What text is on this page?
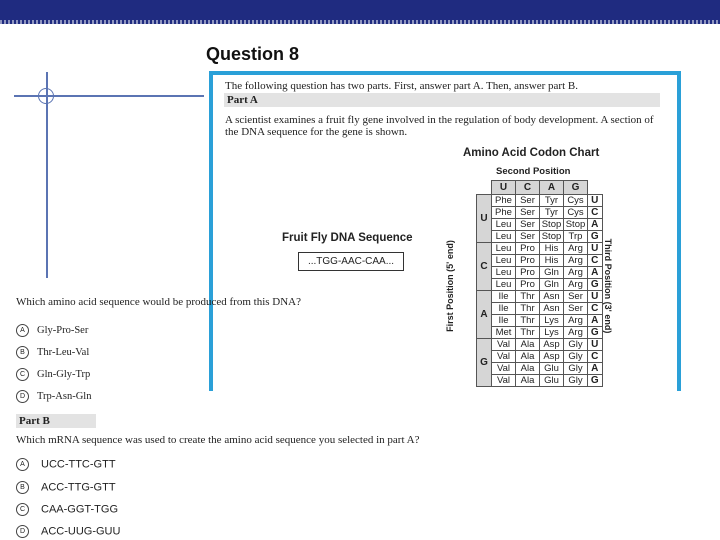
Question 8
The following question has two parts. First, answer part A. Then, answer part B.
Part A
A scientist examines a fruit fly gene involved in the regulation of body development. A section of the DNA sequence for the gene is shown.
Fruit Fly DNA Sequence
...TGG-AAC-CAA...
Amino Acid Codon Chart
Second Position
First Position (5' end)	Third Position (3' end)
	U	C	A	G	
U	Phe	Ser	Tyr	Cys	U
	Phe	Ser	Tyr	Cys	C
	Leu	Ser	Stop	Stop	A
	Leu	Ser	Stop	Trp	G
C	Leu	Pro	His	Arg	U
	Leu	Pro	His	Arg	C
	Leu	Pro	Gln	Arg	A
	Leu	Pro	Gln	Arg	G
A	Ile	Thr	Asn	Ser	U
	Ile	Thr	Asn	Ser	C
	Ile	Thr	Lys	Arg	A
	Met	Thr	Lys	Arg	G
G	Val	Ala	Asp	Gly	U
	Val	Ala	Asp	Gly	C
	Val	Ala	Glu	Gly	A
	Val	Ala	Glu	Gly	G
Which amino acid sequence would be produced from this DNA?
A Gly-Pro-Ser
B Thr-Leu-Val
C Gln-Gly-Trp
D Trp-Asn-Gln
Part B
Which mRNA sequence was used to create the amino acid sequence you selected in part A?
A UCC-TTC-GTT
B ACC-TTG-GTT
C CAA-GGT-TGG
D ACC-UUG-GUU
